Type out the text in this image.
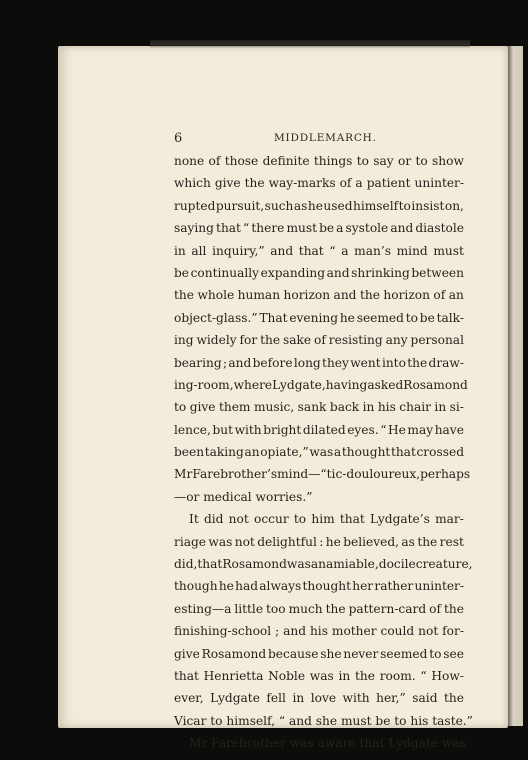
6	MIDDLEMARCH.
none of those definite things to say or to show
which give the way-marks of a patient uninter-
rupted pursuit, such as he used himself to insist on,
saying that “ there must be a systole and diastole
in all inquiry,” and that “ a man’s mind must
be continually expanding and shrinking between
the whole human horizon and the horizon of an
object-glass.” That evening he seemed to be talk-
ing widely for the sake of resisting any personal
bearing ; and before long they went into the draw-
ing-room, where Lydgate, having asked Rosamond
to give them music, sank back in his chair in si-
lence, but with bright dilated eyes. “ He may have
been taking an opiate,” was a thought that crossed
Mr Farebrother’s mind—“tic-douloureux, perhaps
—or medical worries.”
It did not occur to him that Lydgate’s mar-
riage was not delightful : he believed, as the rest
did, that Rosamond was an amiable, docile creature,
though he had always thought her rather uninter-
esting—a little too much the pattern-card of the
finishing-school ; and his mother could not for-
give Rosamond because she never seemed to see
that Henrietta Noble was in the room. “ How-
ever, Lydgate fell in love with her,” said the
Vicar to himself, “ and she must be to his taste.”
Mr Farebrother was aware that Lydgate was
